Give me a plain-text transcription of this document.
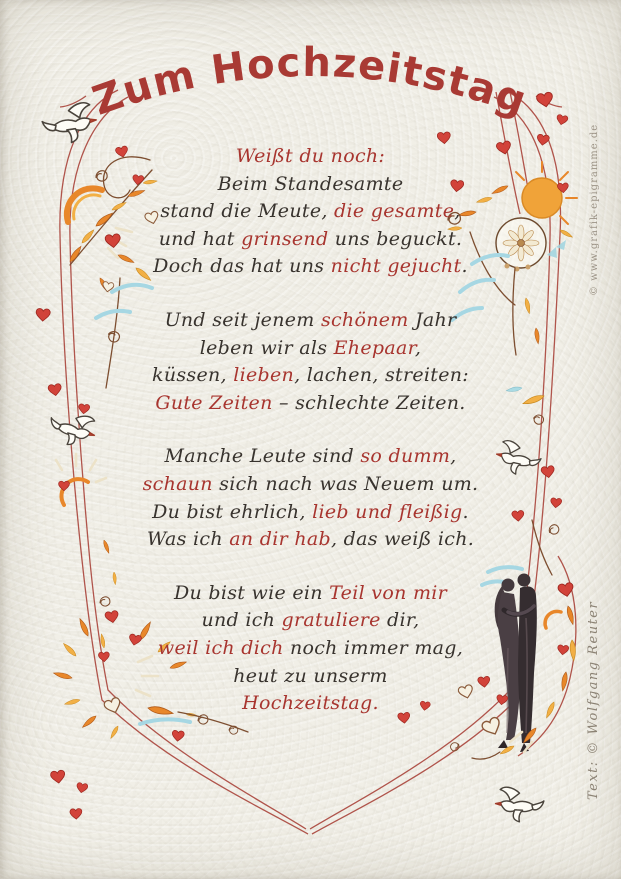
Zum Hochzeitstag
Weißt du noch:
Beim Standesamte
stand die Meute, die gesamte,
und hat grinsend uns beguckt.
Doch das hat uns nicht gejucht.
Und seit jenem schönem Jahr
leben wir als Ehepaar,
küssen, lieben, lachen, streiten:
Gute Zeiten – schlechte Zeiten.
Manche Leute sind so dumm,
schaun sich nach was Neuem um.
Du bist ehrlich, lieb und fleißig.
Was ich an dir hab, das weiß ich.
Du bist wie ein Teil von mir
und ich gratuliere dir,
weil ich dich noch immer mag,
heut zu unserm
Hochzeitstag.
© www.grafik-epigramme.de
Text: © Wolfgang Reuter
